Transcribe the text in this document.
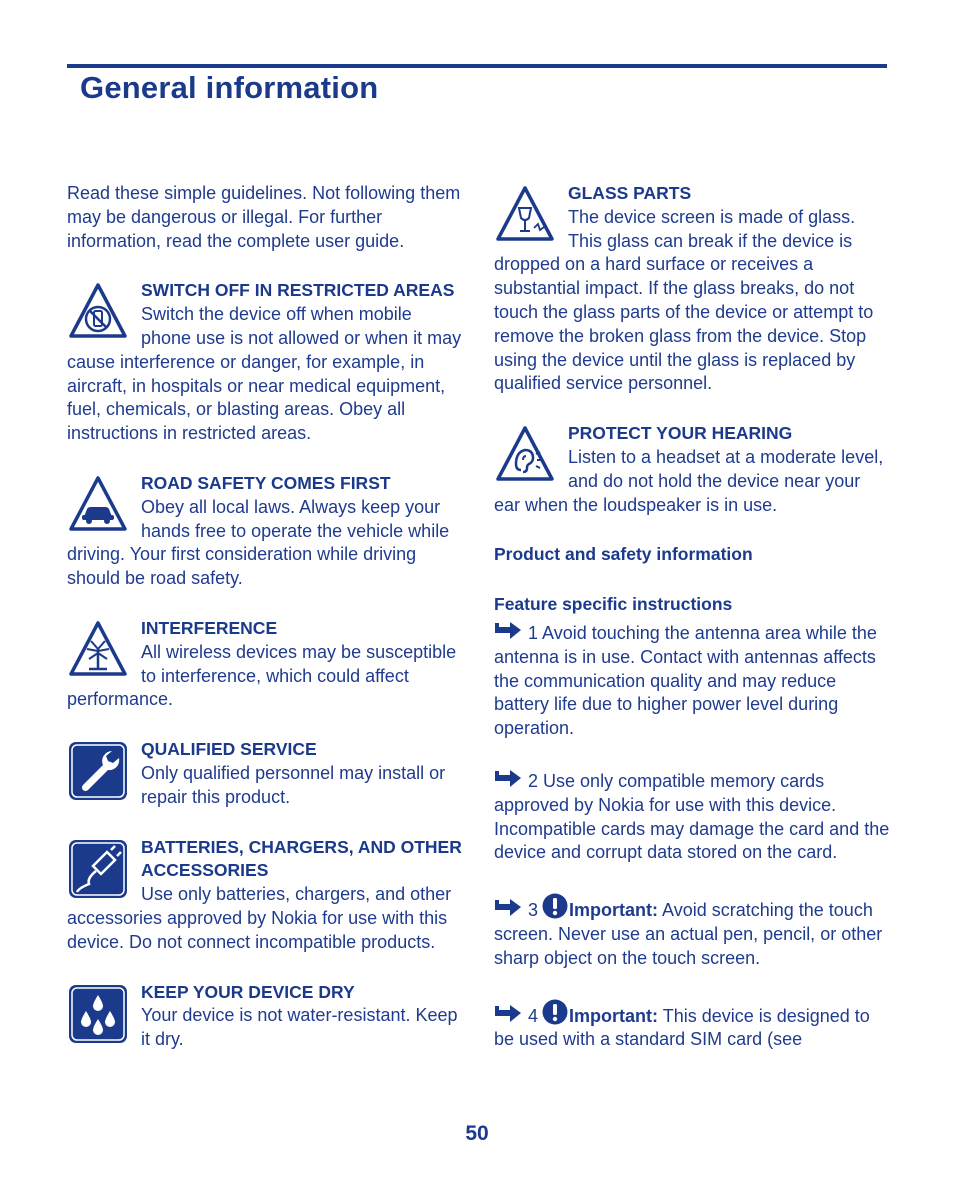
General information

Read these simple guidelines. Not following them may be dangerous or illegal. For further information, read the complete user guide.

SWITCH OFF IN RESTRICTED AREAS
Switch the device off when mobile phone use is not allowed or when it may cause interference or danger, for example, in aircraft, in hospitals or near medical equipment, fuel, chemicals, or blasting areas. Obey all instructions in restricted areas.
ROAD SAFETY COMES FIRST
Obey all local laws. Always keep your hands free to operate the vehicle while driving. Your first consideration while driving should be road safety.
INTERFERENCE
All wireless devices may be susceptible to interference, which could affect performance.
QUALIFIED SERVICE
Only qualified personnel may install or repair this product.
BATTERIES, CHARGERS, AND OTHER ACCESSORIES
Use only batteries, chargers, and other accessories approved by Nokia for use with this device. Do not connect incompatible products.
KEEP YOUR DEVICE DRY
Your device is not water-resistant. Keep it dry.
GLASS PARTS
The device screen is made of glass. This glass can break if the device is dropped on a hard surface or receives a substantial impact. If the glass breaks, do not touch the glass parts of the device or attempt to remove the broken glass from the device. Stop using the device until the glass is replaced by qualified service personnel.
PROTECT YOUR HEARING
Listen to a headset at a moderate level, and do not hold the device near your ear when the loudspeaker is in use.

Product and safety information

Feature specific instructions

1 Avoid touching the antenna area while the antenna is in use. Contact with antennas affects the communication quality and may reduce battery life due to higher power level during operation.

2 Use only compatible memory cards approved by Nokia for use with this device. Incompatible cards may damage the card and the device and corrupt data stored on the card.

3 Important: Avoid scratching the touch screen. Never use an actual pen, pencil, or other sharp object on the touch screen.

4 Important: This device is designed to be used with a standard SIM card (see

50
